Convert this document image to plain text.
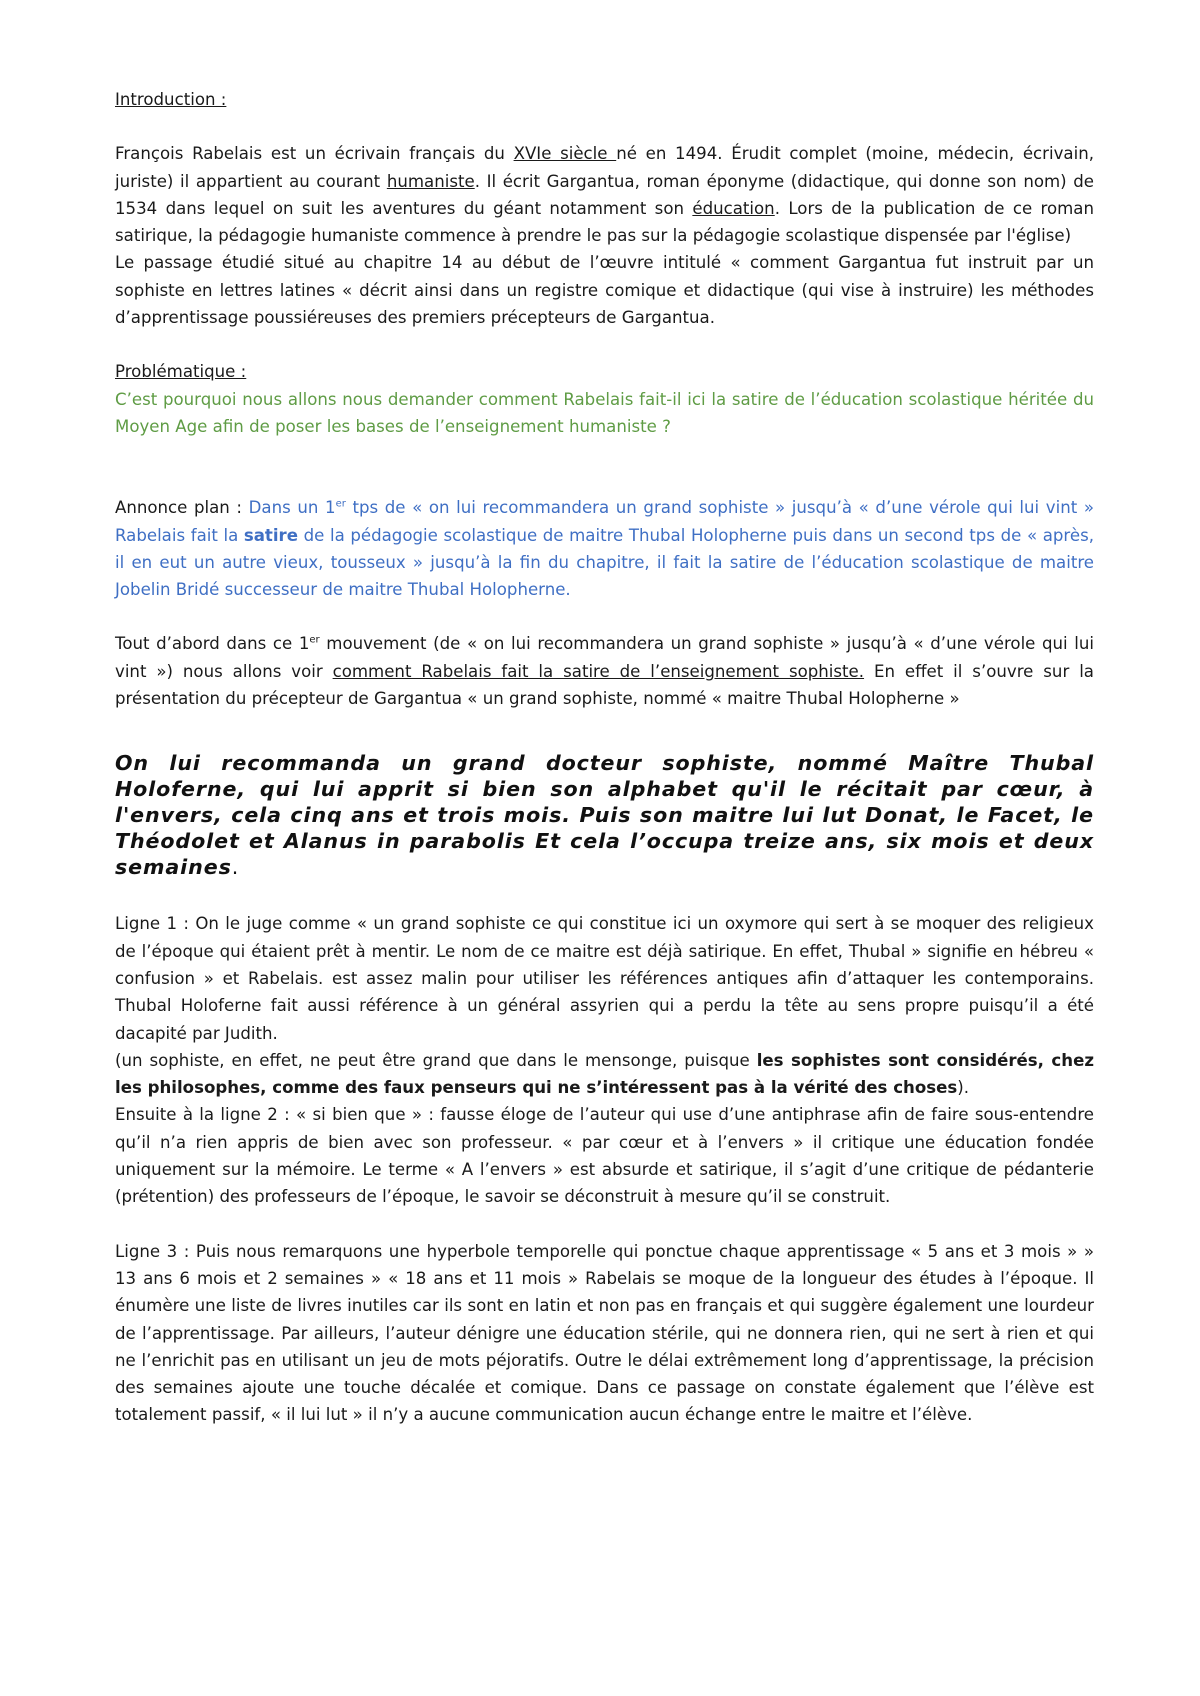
Introduction :

François Rabelais est un écrivain français du XVIe siècle né en 1494. Érudit complet (moine, médecin, écrivain, juriste) il appartient au courant humaniste. Il écrit Gargantua, roman éponyme (didactique, qui donne son nom) de 1534 dans lequel on suit les aventures du géant notamment son éducation. Lors de la publication de ce roman satirique, la pédagogie humaniste commence à prendre le pas sur la pédagogie scolastique dispensée par l'église)

Le passage étudié situé au chapitre 14 au début de l’œuvre intitulé « comment Gargantua fut instruit par un sophiste en lettres latines « décrit ainsi dans un registre comique et didactique (qui vise à instruire) les méthodes d’apprentissage poussiéreuses des premiers précepteurs de Gargantua.

Problématique :

C’est pourquoi nous allons nous demander comment Rabelais fait-il ici la satire de l’éducation scolastique héritée du Moyen Age afin de poser les bases de l’enseignement humaniste ?

Annonce plan : Dans un 1er tps de « on lui recommandera un grand sophiste » jusqu’à « d’une vérole qui lui vint » Rabelais fait la satire de la pédagogie scolastique de maitre Thubal Holopherne puis dans un second tps de « après, il en eut un autre vieux, tousseux » jusqu’à la fin du chapitre, il fait la satire de l’éducation scolastique de maitre Jobelin Bridé successeur de maitre Thubal Holopherne.

Tout d’abord dans ce 1er mouvement (de « on lui recommandera un grand sophiste » jusqu’à « d’une vérole qui lui vint ») nous allons voir comment Rabelais fait la satire de l’enseignement sophiste. En effet il s’ouvre sur la présentation du précepteur de Gargantua « un grand sophiste, nommé « maitre Thubal Holopherne »

On lui recommanda un grand docteur sophiste, nommé Maître Thubal Holoferne, qui lui apprit si bien son alphabet qu'il le récitait par cœur, à l'envers, cela cinq ans et trois mois. Puis son maitre lui lut Donat, le Facet, le Théodolet et Alanus in parabolis Et cela l’occupa treize ans, six mois et deux semaines.

Ligne 1 : On le juge comme « un grand sophiste ce qui constitue ici un oxymore qui sert à se moquer des religieux de l’époque qui étaient prêt à mentir. Le nom de ce maitre est déjà satirique. En effet, Thubal » signifie en hébreu « confusion » et Rabelais. est assez malin pour utiliser les références antiques afin d’attaquer les contemporains. Thubal Holoferne fait aussi référence à un général assyrien qui a perdu la tête au sens propre puisqu’il a été dacapité par Judith.

(un sophiste, en effet, ne peut être grand que dans le mensonge, puisque les sophistes sont considérés, chez les philosophes, comme des faux penseurs qui ne s’intéressent pas à la vérité des choses).

Ensuite à la ligne 2 : « si bien que » : fausse éloge de l’auteur qui use d’une antiphrase afin de faire sous-entendre qu’il n’a rien appris de bien avec son professeur. « par cœur et à l’envers » il critique une éducation fondée uniquement sur la mémoire. Le terme « A l’envers » est absurde et satirique, il s’agit d’une critique de pédanterie (prétention) des professeurs de l’époque, le savoir se déconstruit à mesure qu’il se construit.

Ligne 3 : Puis nous remarquons une hyperbole temporelle qui ponctue chaque apprentissage « 5 ans et 3 mois » » 13 ans 6 mois et 2 semaines » « 18 ans et 11 mois » Rabelais se moque de la longueur des études à l’époque. Il énumère une liste de livres inutiles car ils sont en latin et non pas en français et qui suggère également une lourdeur de l’apprentissage. Par ailleurs, l’auteur dénigre une éducation stérile, qui ne donnera rien, qui ne sert à rien et qui ne l’enrichit pas en utilisant un jeu de mots péjoratifs. Outre le délai extrêmement long d’apprentissage, la précision des semaines ajoute une touche décalée et comique. Dans ce passage on constate également que l’élève est totalement passif, « il lui lut » il n’y a aucune communication aucun échange entre le maitre et l’élève.
